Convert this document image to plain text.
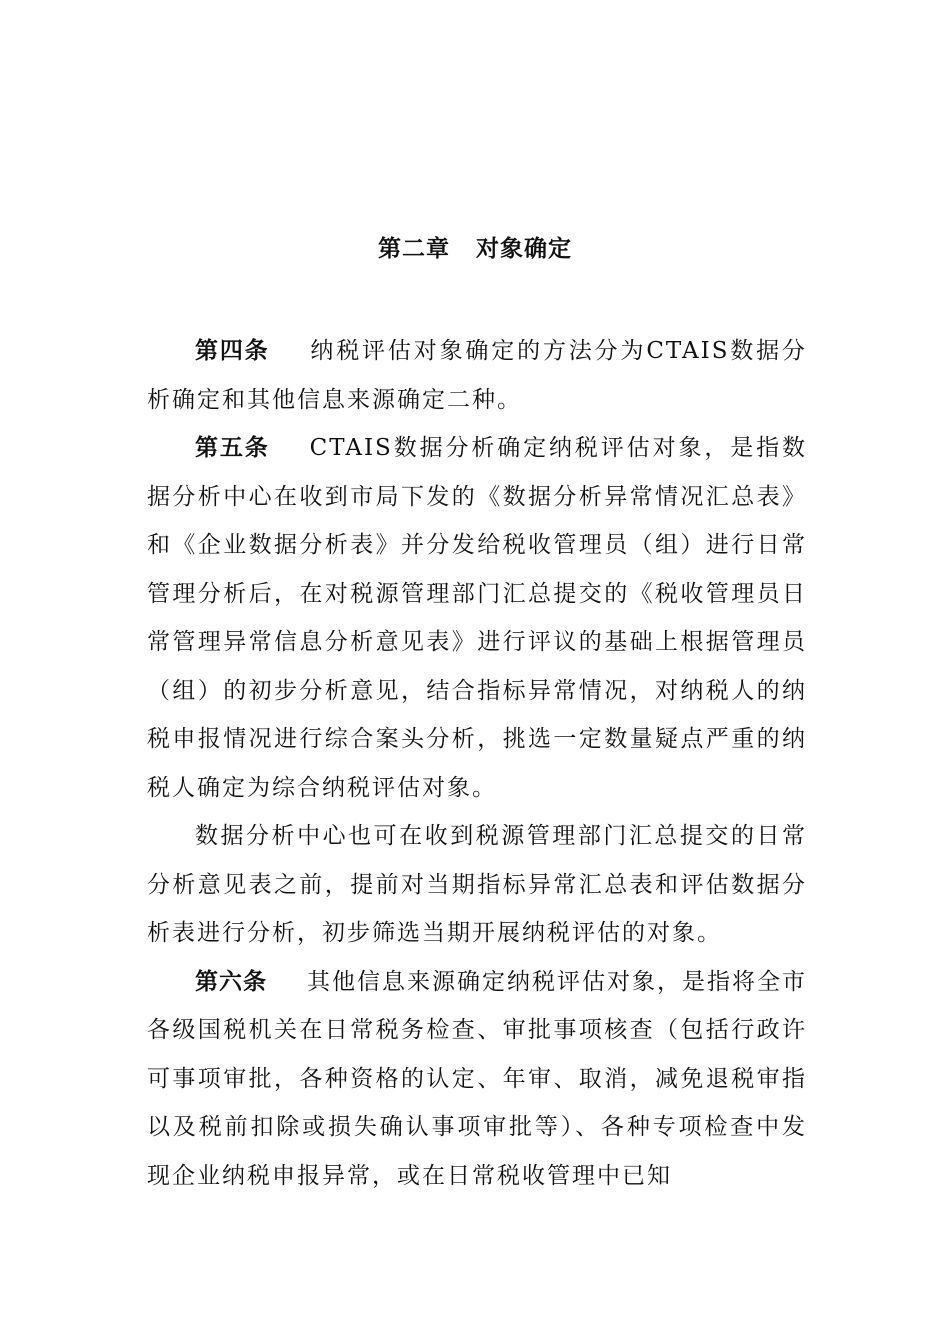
第二章 对象确定

第四条 纳税评估对象确定的方法分为CTAIS数据分析确定和其他信息来源确定二种。

第五条 CTAIS数据分析确定纳税评估对象，是指数据分析中心在收到市局下发的《数据分析异常情况汇总表》和《企业数据分析表》并分发给税收管理员（组）进行日常管理分析后，在对税源管理部门汇总提交的《税收管理员日常管理异常信息分析意见表》进行评议的基础上根据管理员（组）的初步分析意见，结合指标异常情况，对纳税人的纳税申报情况进行综合案头分析，挑选一定数量疑点严重的纳税人确定为综合纳税评估对象。

数据分析中心也可在收到税源管理部门汇总提交的日常分析意见表之前，提前对当期指标异常汇总表和评估数据分析表进行分析，初步筛选当期开展纳税评估的对象。

第六条 其他信息来源确定纳税评估对象，是指将全市各级国税机关在日常税务检查、审批事项核查（包括行政许可事项审批，各种资格的认定、年审、取消，减免退税审指以及税前扣除或损失确认事项审批等）、各种专项检查中发现企业纳税申报异常，或在日常税收管理中已知
